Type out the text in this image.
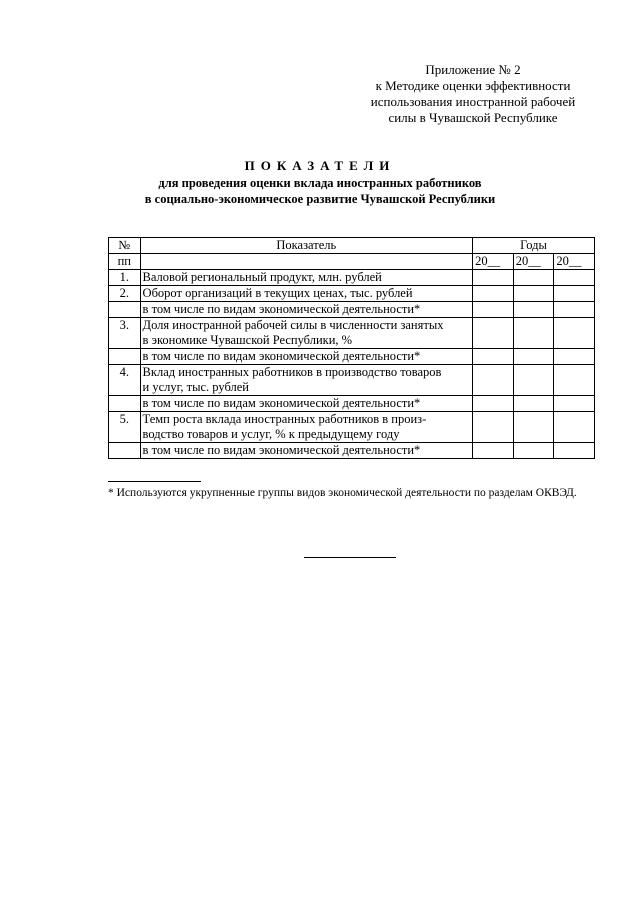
Приложение № 2
к Методике оценки эффективности
использования иностранной рабочей
силы в Чувашской Республике
ПОКАЗАТЕЛИ
для проведения оценки вклада иностранных работников
в социально-экономическое развитие Чувашской Республики
№	Показатель	Годы		
пп		20__	20__	20__
1.	Валовой региональный продукт, млн. рублей			
2.	Оборот организаций в текущих ценах, тыс. рублей			
	в том числе по видам экономической деятельности*			
3.	Доля иностранной рабочей силы в численности занятых
в экономике Чувашской Республики, %			

	в том числе по видам экономической деятельности*			
4.	Вклад иностранных работников в производство товаров
и услуг, тыс. рублей			

	в том числе по видам экономической деятельности*			
5.	Темп роста вклада иностранных работников в произ-
водство товаров и услуг, % к предыдущему году			

	в том числе по видам экономической деятельности*			
* Используются укрупненные группы видов экономической деятельности по разделам ОКВЭД.
